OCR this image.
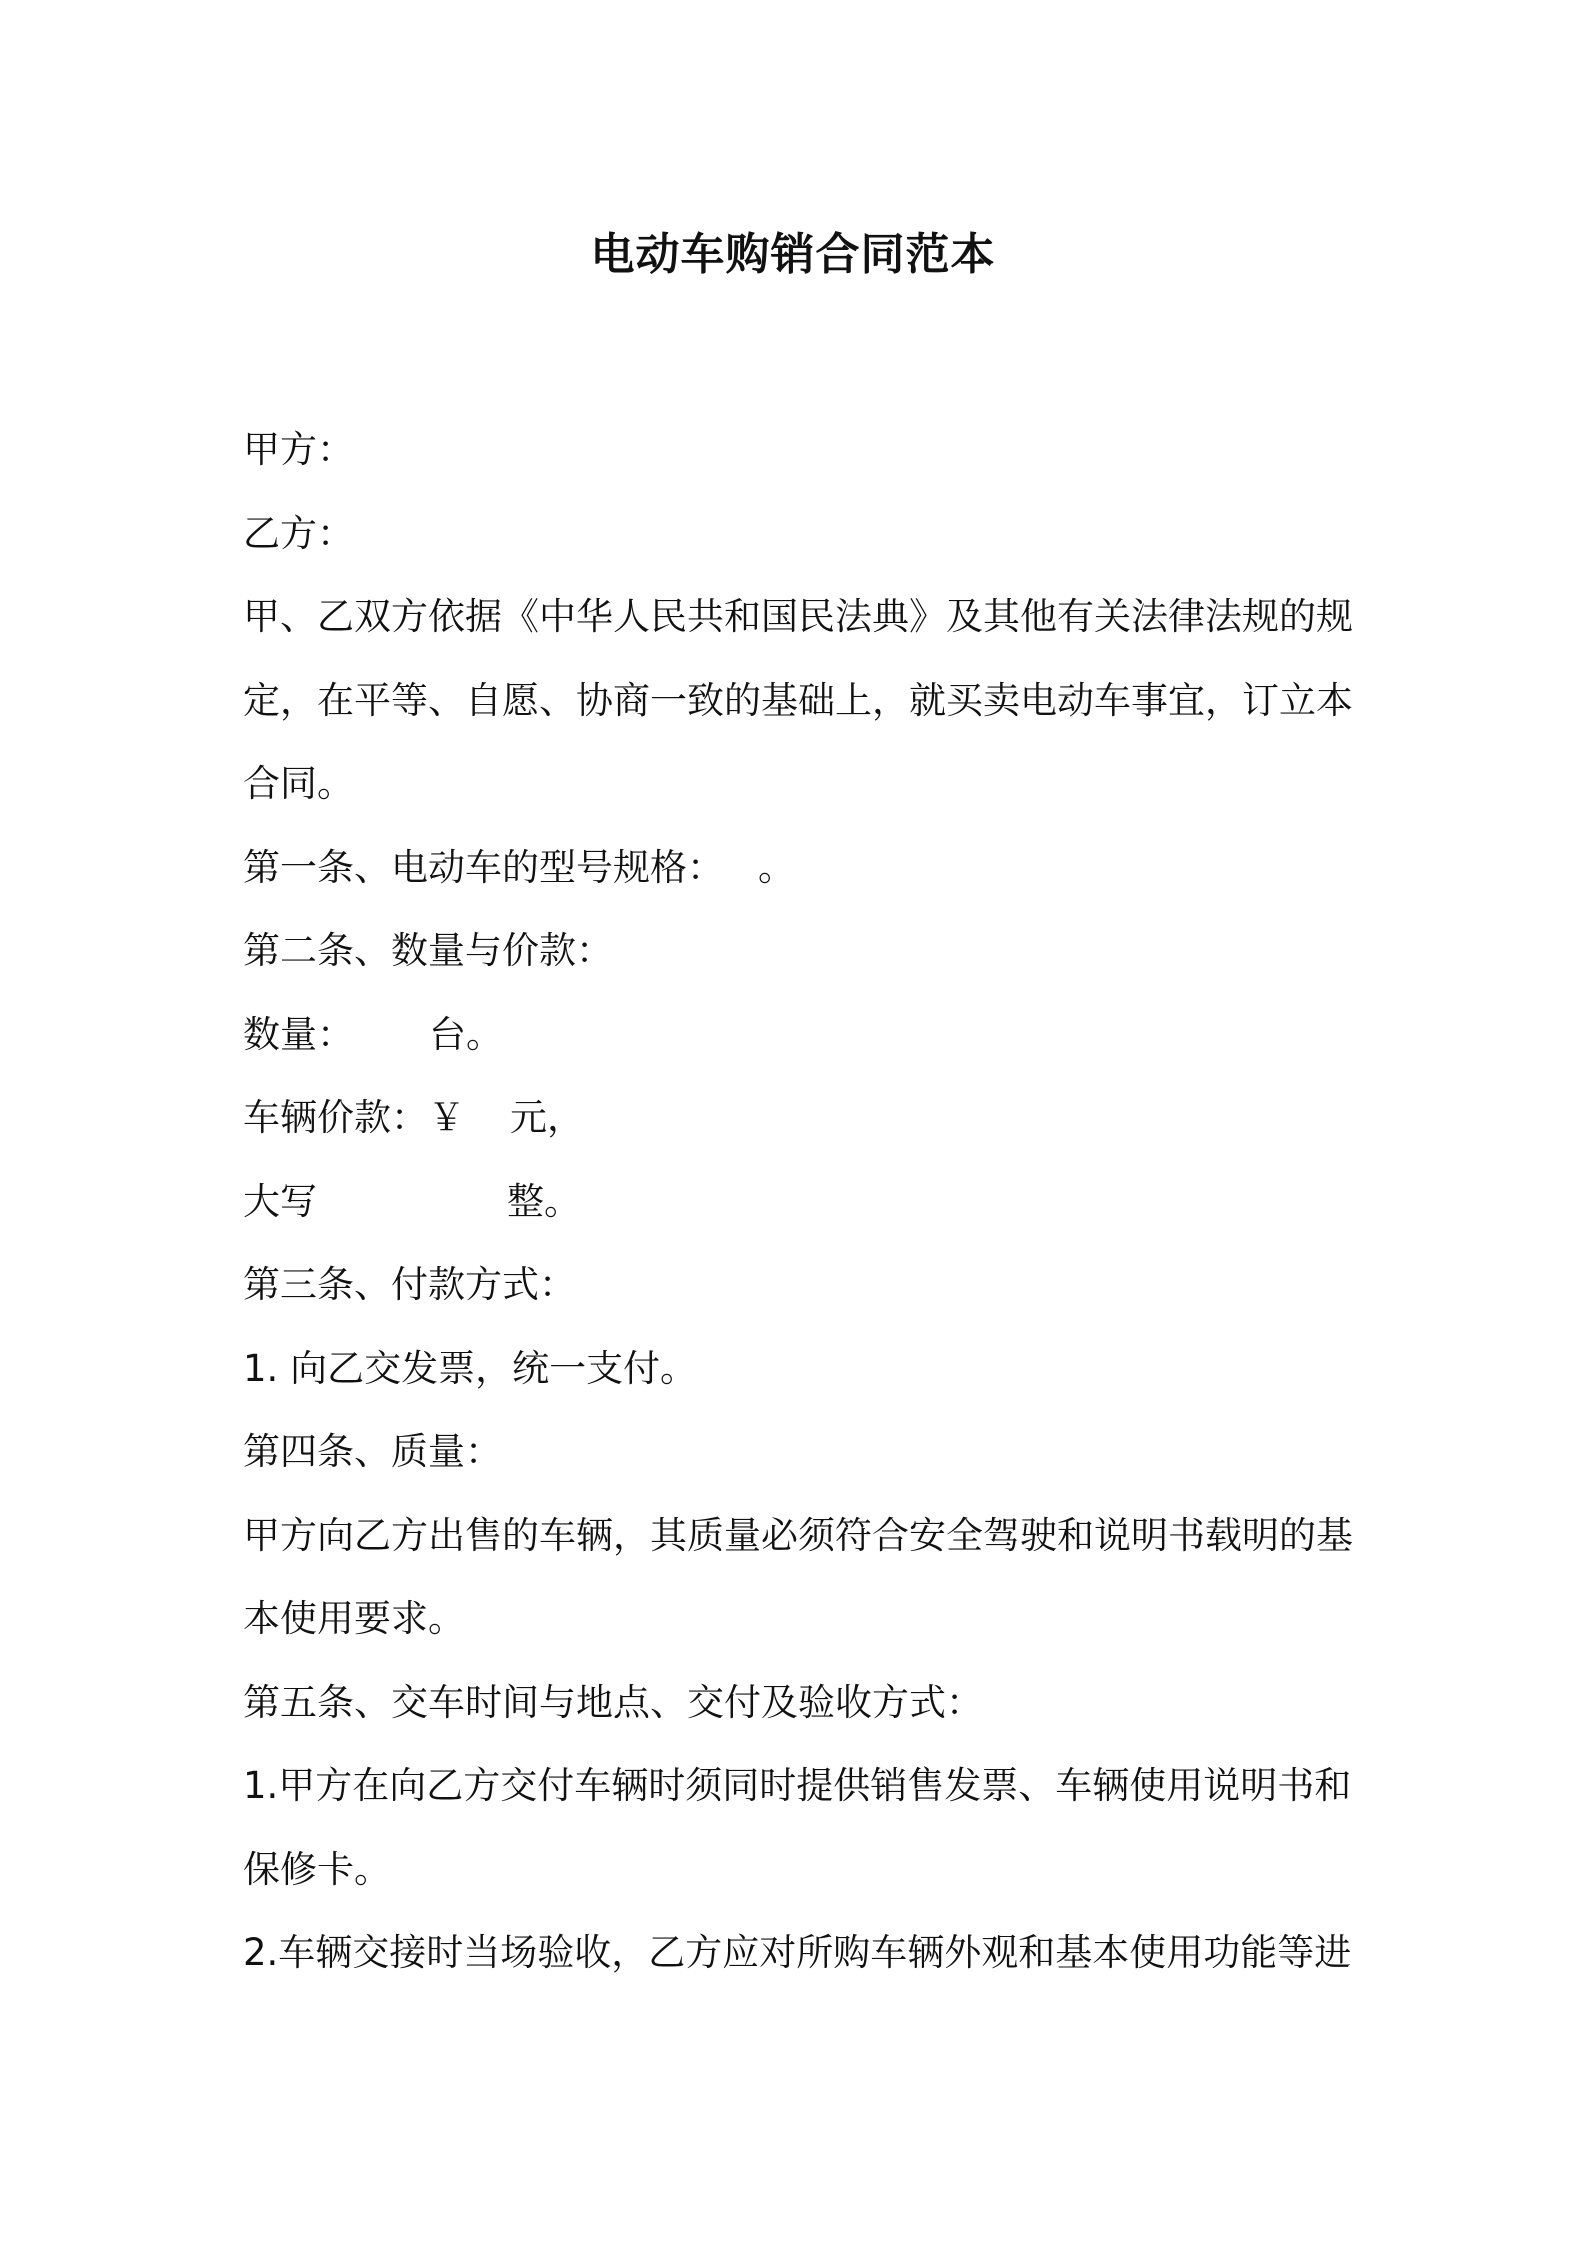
电动车购销合同范本
甲方：
乙方：
甲、乙双方依据《中华人民共和国民法典》及其他有关法律法规的规
定，在平等、自愿、协商一致的基础上，就买卖电动车事宜，订立本
合同。
第一条、电动车的型号规格： 。
第二条、数量与价款：
数量： 台。
车辆价款：￥ 元，
大写	整。
第三条、付款方式：
1. 向乙交发票，统一支付。
第四条、质量：
甲方向乙方出售的车辆，其质量必须符合安全驾驶和说明书载明的基
本使用要求。
第五条、交车时间与地点、交付及验收方式：
1.甲方在向乙方交付车辆时须同时提供销售发票、车辆使用说明书和
保修卡。
2.车辆交接时当场验收，乙方应对所购车辆外观和基本使用功能等进
